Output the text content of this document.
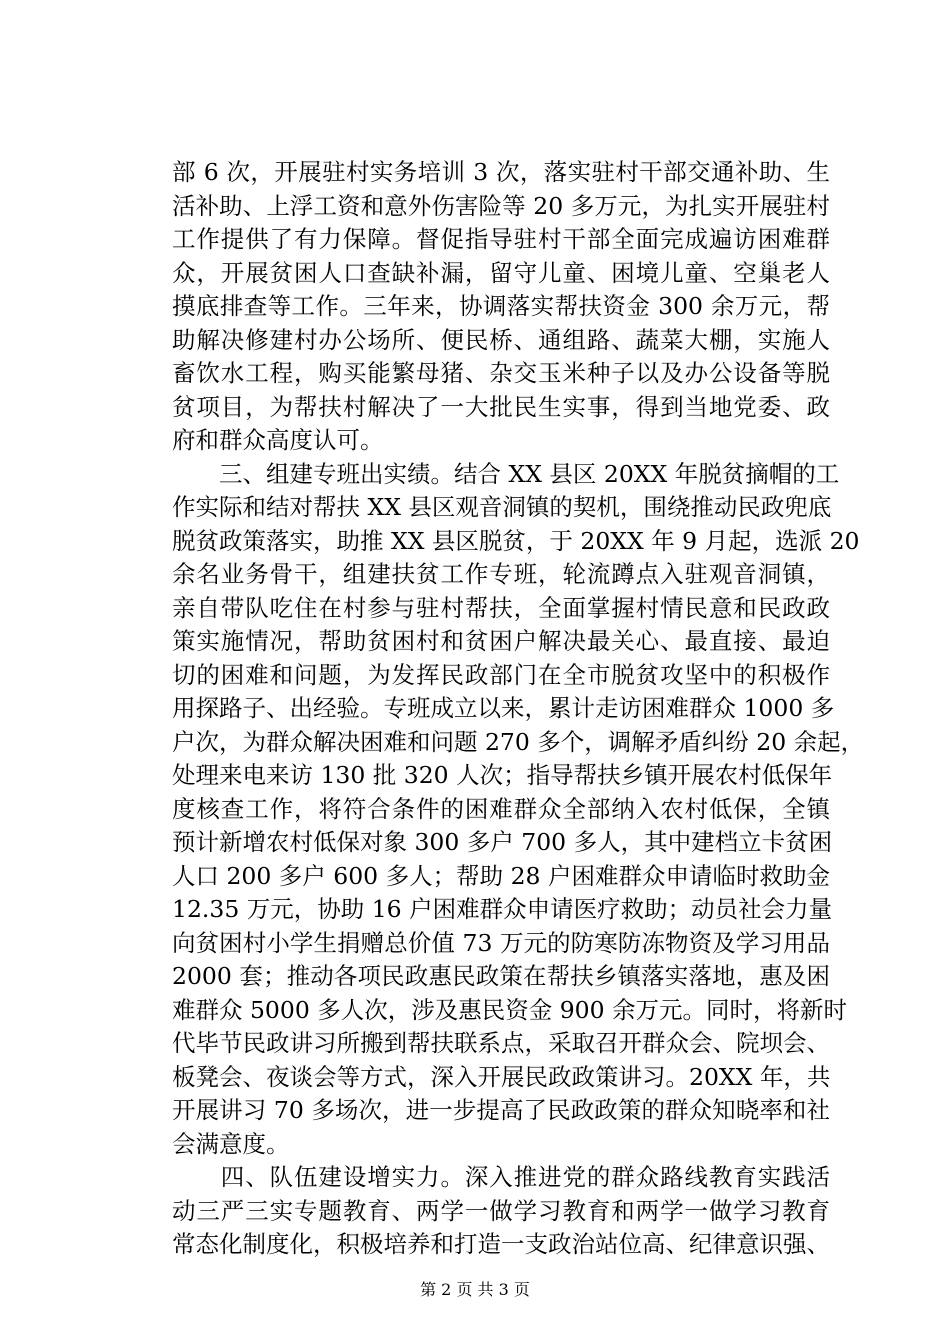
部 6 次，开展驻村实务培训 3 次，落实驻村干部交通补助、生
活补助、上浮工资和意外伤害险等 20 多万元，为扎实开展驻村
工作提供了有力保障。督促指导驻村干部全面完成遍访困难群
众，开展贫困人口查缺补漏，留守儿童、困境儿童、空巢老人
摸底排查等工作。三年来，协调落实帮扶资金 300 余万元，帮
助解决修建村办公场所、便民桥、通组路、蔬菜大棚，实施人
畜饮水工程，购买能繁母猪、杂交玉米种子以及办公设备等脱
贫项目，为帮扶村解决了一大批民生实事，得到当地党委、政
府和群众高度认可。
　　三、组建专班出实绩。结合 XX 县区 20XX 年脱贫摘帽的工
作实际和结对帮扶 XX 县区观音洞镇的契机，围绕推动民政兜底
脱贫政策落实，助推 XX 县区脱贫，于 20XX 年 9 月起，选派 20
余名业务骨干，组建扶贫工作专班，轮流蹲点入驻观音洞镇，
亲自带队吃住在村参与驻村帮扶，全面掌握村情民意和民政政
策实施情况，帮助贫困村和贫困户解决最关心、最直接、最迫
切的困难和问题，为发挥民政部门在全市脱贫攻坚中的积极作
用探路子、出经验。专班成立以来，累计走访困难群众 1000 多
户次，为群众解决困难和问题 270 多个，调解矛盾纠纷 20 余起，
处理来电来访 130 批 320 人次；指导帮扶乡镇开展农村低保年
度核查工作，将符合条件的困难群众全部纳入农村低保，全镇
预计新增农村低保对象 300 多户 700 多人，其中建档立卡贫困
人口 200 多户 600 多人；帮助 28 户困难群众申请临时救助金
12.35 万元，协助 16 户困难群众申请医疗救助；动员社会力量
向贫困村小学生捐赠总价值 73 万元的防寒防冻物资及学习用品
2000 套；推动各项民政惠民政策在帮扶乡镇落实落地，惠及困
难群众 5000 多人次，涉及惠民资金 900 余万元。同时，将新时
代毕节民政讲习所搬到帮扶联系点，采取召开群众会、院坝会、
板凳会、夜谈会等方式，深入开展民政政策讲习。20XX 年，共
开展讲习 70 多场次，进一步提高了民政政策的群众知晓率和社
会满意度。
　　四、队伍建设增实力。深入推进党的群众路线教育实践活
动三严三实专题教育、两学一做学习教育和两学一做学习教育
常态化制度化，积极培养和打造一支政治站位高、纪律意识强、
第 2 页 共 3 页
